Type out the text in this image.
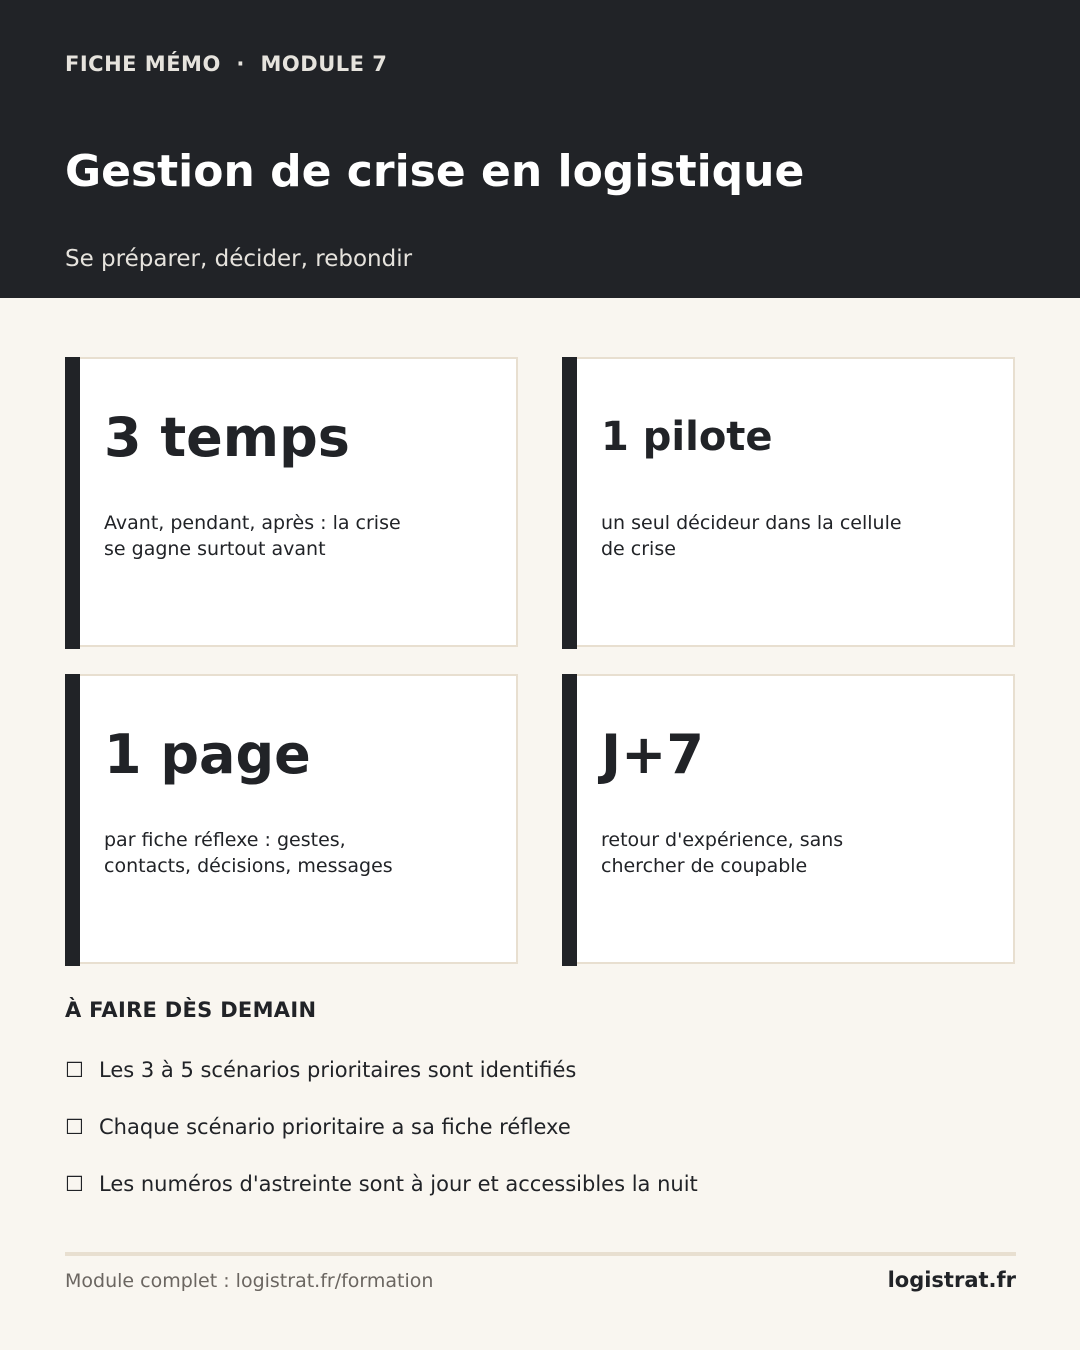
FICHE MÉMO  ·  MODULE 7
Gestion de crise en logistique
Se préparer, décider, rebondir
3 temps
Avant, pendant, après : la crise se gagne surtout avant
1 pilote
un seul décideur dans la cellule de crise
1 page
par fiche réflexe : gestes, contacts, décisions, messages
J+7
retour d'expérience, sans chercher de coupable
À FAIRE DÈS DEMAIN
☐ Les 3 à 5 scénarios prioritaires sont identifiés
☐ Chaque scénario prioritaire a sa fiche réflexe
☐ Les numéros d'astreinte sont à jour et accessibles la nuit
Module complet : logistrat.fr/formation	logistrat.fr
